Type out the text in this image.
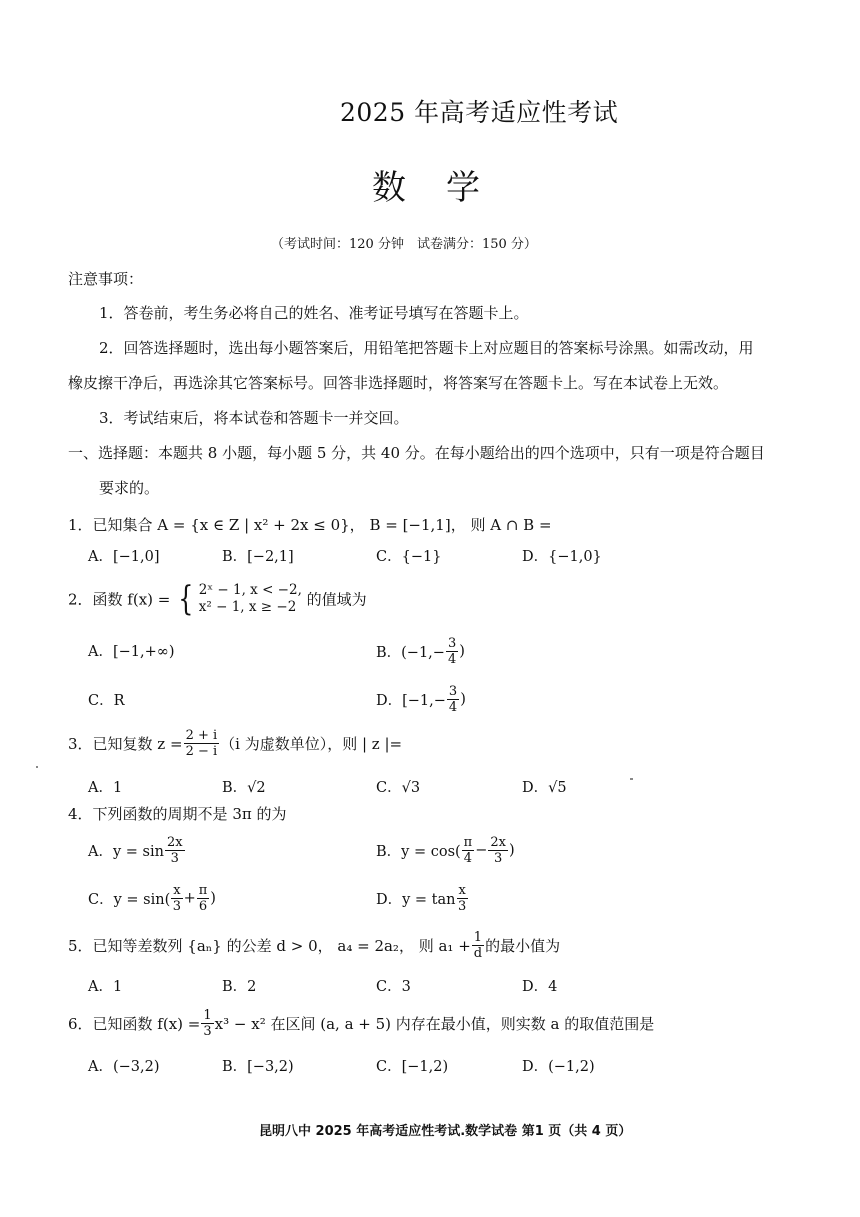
2025 年高考适应性考试
数学
（考试时间：120 分钟　试卷满分：150 分）
注意事项：
1．答卷前，考生务必将自己的姓名、准考证号填写在答题卡上。
2．回答选择题时，选出每小题答案后，用铅笔把答题卡上对应题目的答案标号涂黑。如需改动，用
橡皮擦干净后，再选涂其它答案标号。回答非选择题时，将答案写在答题卡上。写在本试卷上无效。
3．考试结束后，将本试卷和答题卡一并交回。
一、选择题：本题共 8 小题，每小题 5 分，共 40 分。在每小题给出的四个选项中，只有一项是符合题目
要求的。
1．已知集合 A = {x ∈ Z | x² + 2x ≤ 0}， B = [−1,1]， 则 A ∩ B =
A．[−1,0]	B．[−2,1]	C．{−1}	D．{−1,0}
2．函数 f(x) = { 2ˣ − 1, x < −2,
x² − 1, x ≥ −2 的值域为
A．[−1,+∞)	B．($-1,- \frac{3}{4}$ )
C．R	D．[$-1,- \frac{3}{4}$ )
3．已知复数 $z = \frac{2 + i}{2 - i} (i$ 为虚数单位），则 | z |=
A．1	B．√2	C．√3	D．√5
4．下列函数的周期不是 3π 的为
A．$y = \sin \frac{2x}{3}$	B．$y = \cos( \frac{\pi}{4} - \frac{2x}{3}$ )
C．$y = \sin( \frac{x}{3} + \frac{\pi}{6}$ )	D．$y = \tan \frac{x}{3}$
5．已知等差数列 {aₙ} 的公差 d > 0， a₄ = 2a₂， 则 $a_1 + \frac{1}{d}$ 的最小值为
A．1	B．2	C．3	D．4
6．已知函数 $f(x) = \frac{1}{3} x^3 - x^2$ 在区间 (a, a + 5) 内存在最小值，则实数 a 的取值范围是
A．(−3,2)	B．[−3,2)	C．[−1,2)	D．(−1,2)
昆明八中 2025 年高考适应性考试.数学试卷 第1 页（共 4 页）
